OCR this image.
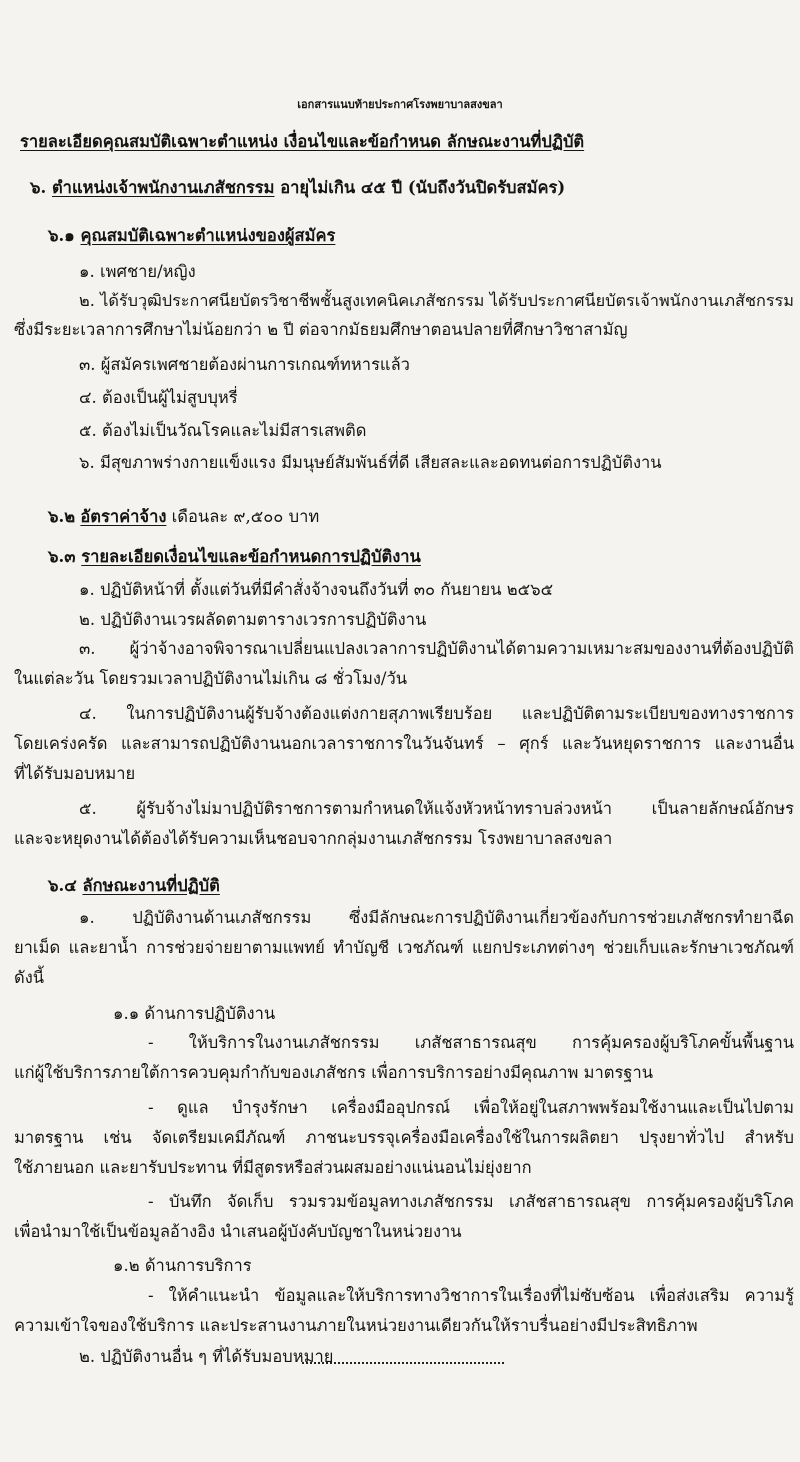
เอกสารแนบท้ายประกาศโรงพยาบาลสงขลา
รายละเอียดคุณสมบัติเฉพาะตำแหน่ง เงื่อนไขและข้อกำหนด ลักษณะงานที่ปฏิบัติ
๖. ตำแหน่งเจ้าพนักงานเภสัชกรรม อายุไม่เกิน ๔๕ ปี (นับถึงวันปิดรับสมัคร)
๖.๑ คุณสมบัติเฉพาะตำแหน่งของผู้สมัคร
๑. เพศชาย/หญิง
๒. ได้รับวุฒิประกาศนียบัตรวิชาชีพชั้นสูงเทคนิคเภสัชกรรม ได้รับประกาศนียบัตรเจ้าพนักงานเภสัชกรรม
ซึ่งมีระยะเวลาการศึกษาไม่น้อยกว่า ๒ ปี ต่อจากมัธยมศึกษาตอนปลายที่ศึกษาวิชาสามัญ
๓. ผู้สมัครเพศชายต้องผ่านการเกณฑ์ทหารแล้ว
๔. ต้องเป็นผู้ไม่สูบบุหรี่
๕. ต้องไม่เป็นวัณโรคและไม่มีสารเสพติด
๖. มีสุขภาพร่างกายแข็งแรง มีมนุษย์สัมพันธ์ที่ดี เสียสละและอดทนต่อการปฏิบัติงาน
๖.๒ อัตราค่าจ้าง เดือนละ ๙,๕๐๐ บาท
๖.๓ รายละเอียดเงื่อนไขและข้อกำหนดการปฏิบัติงาน
๑. ปฏิบัติหน้าที่ ตั้งแต่วันที่มีคำสั่งจ้างจนถึงวันที่ ๓๐ กันยายน ๒๕๖๕
๒. ปฏิบัติงานเวรผลัดตามตารางเวรการปฏิบัติงาน
๓. ผู้ว่าจ้างอาจพิจารณาเปลี่ยนแปลงเวลาการปฏิบัติงานได้ตามความเหมาะสมของงานที่ต้องปฏิบัติ
ในแต่ละวัน โดยรวมเวลาปฏิบัติงานไม่เกิน ๘ ชั่วโมง/วัน
๔. ในการปฏิบัติงานผู้รับจ้างต้องแต่งกายสุภาพเรียบร้อย และปฏิบัติตามระเบียบของทางราชการ
โดยเคร่งครัด และสามารถปฏิบัติงานนอกเวลาราชการในวันจันทร์ – ศุกร์ และวันหยุดราชการ และงานอื่น
ที่ได้รับมอบหมาย
๕. ผู้รับจ้างไม่มาปฏิบัติราชการตามกำหนดให้แจ้งหัวหน้าทราบล่วงหน้า เป็นลายลักษณ์อักษร
และจะหยุดงานได้ต้องได้รับความเห็นชอบจากกลุ่มงานเภสัชกรรม โรงพยาบาลสงขลา
๖.๔ ลักษณะงานที่ปฏิบัติ
๑. ปฏิบัติงานด้านเภสัชกรรม ซึ่งมีลักษณะการปฏิบัติงานเกี่ยวข้องกับการช่วยเภสัชกรทำยาฉีด
ยาเม็ด และยาน้ำ การช่วยจ่ายยาตามแพทย์ ทำบัญชี เวชภัณฑ์ แยกประเภทต่างๆ ช่วยเก็บและรักษาเวชภัณฑ์
ดังนี้
๑.๑ ด้านการปฏิบัติงาน
- ให้บริการในงานเภสัชกรรม เภสัชสาธารณสุข การคุ้มครองผู้บริโภคขั้นพื้นฐาน
แก่ผู้ใช้บริการภายใต้การควบคุมกำกับของเภสัชกร เพื่อการบริการอย่างมีคุณภาพ มาตรฐาน
- ดูแล บำรุงรักษา เครื่องมืออุปกรณ์ เพื่อให้อยู่ในสภาพพร้อมใช้งานและเป็นไปตาม
มาตรฐาน เช่น จัดเตรียมเคมีภัณฑ์ ภาชนะบรรจุเครื่องมือเครื่องใช้ในการผลิตยา ปรุงยาทั่วไป สำหรับ
ใช้ภายนอก และยารับประทาน ที่มีสูตรหรือส่วนผสมอย่างแน่นอนไม่ยุ่งยาก
- บันทึก จัดเก็บ รวมรวมข้อมูลทางเภสัชกรรม เภสัชสาธารณสุข การคุ้มครองผู้บริโภค
เพื่อนำมาใช้เป็นข้อมูลอ้างอิง นำเสนอผู้บังคับบัญชาในหน่วยงาน
๑.๒ ด้านการบริการ
- ให้คำแนะนำ ข้อมูลและให้บริการทางวิชาการในเรื่องที่ไม่ซับซ้อน เพื่อส่งเสริม ความรู้
ความเข้าใจของใช้บริการ และประสานงานภายในหน่วยงานเดียวกันให้ราบรื่นอย่างมีประสิทธิภาพ
๒. ปฏิบัติงานอื่น ๆ ที่ได้รับมอบหมาย
